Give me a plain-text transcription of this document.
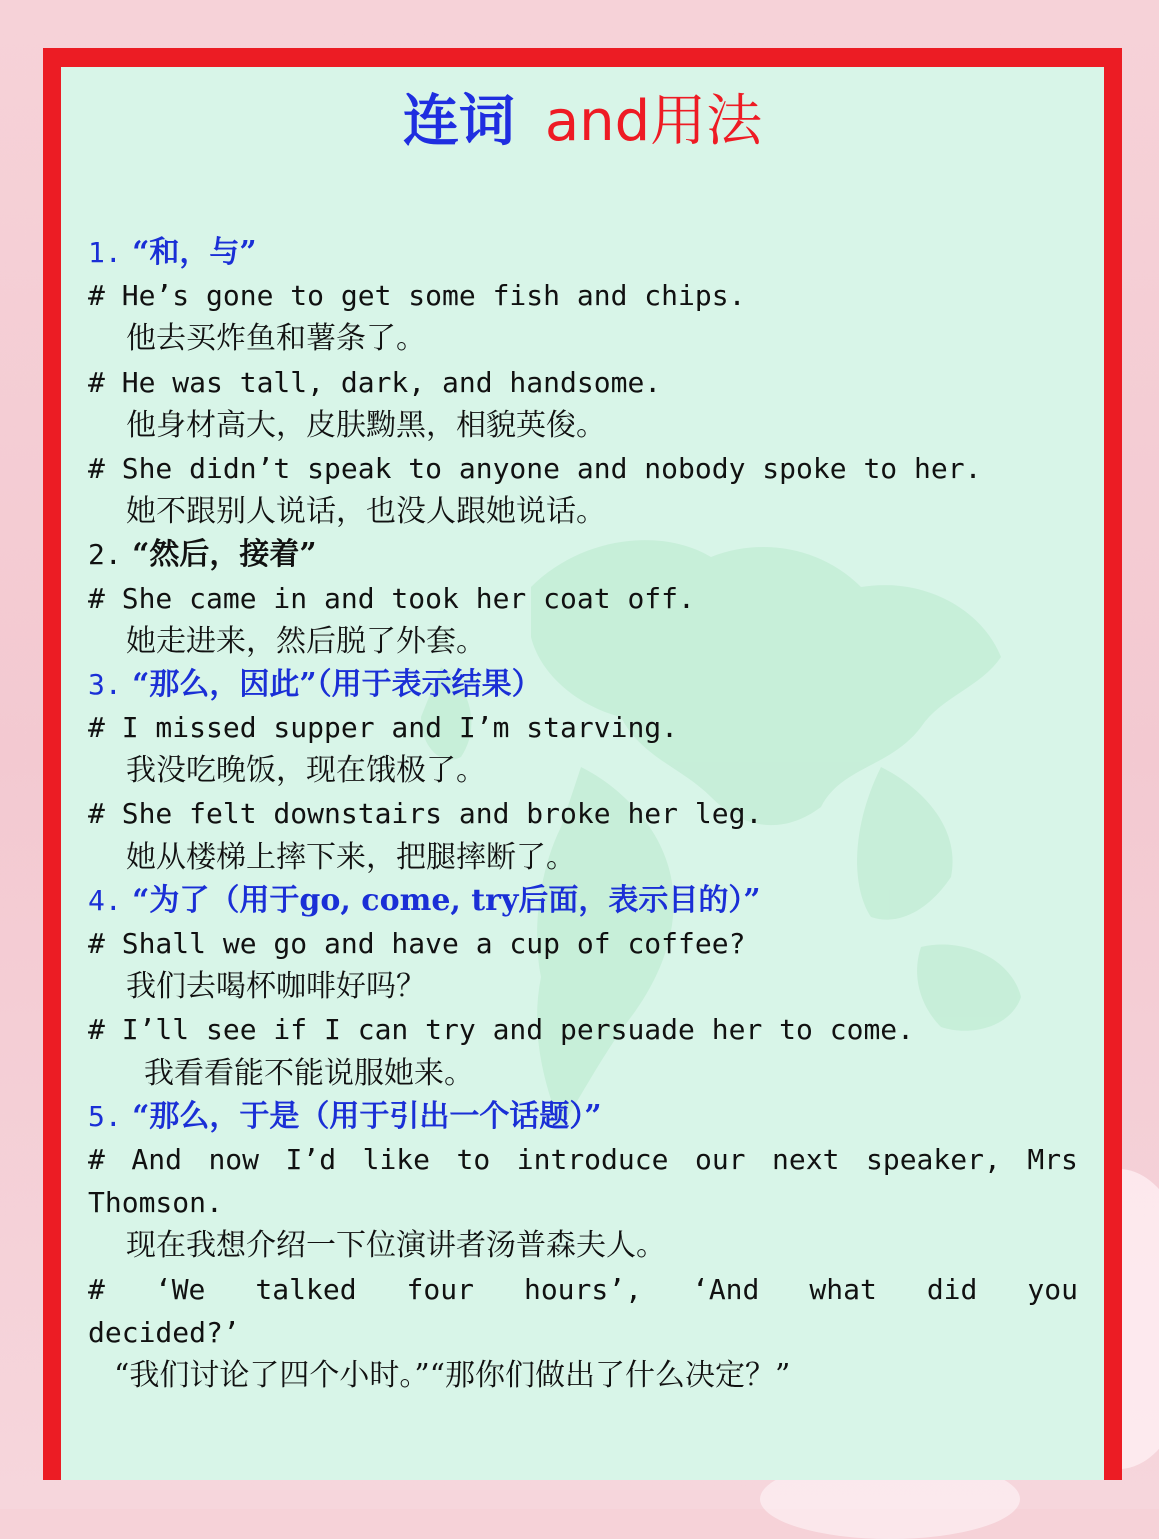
连词 and用法
1. “和，与”
# He’s gone to get some fish and chips.
他去买炸鱼和薯条了。
# He was tall, dark, and handsome.
他身材高大，皮肤黝黑，相貌英俊。
# She didn’t speak to anyone and nobody spoke to her.
她不跟别人说话，也没人跟她说话。
2. “然后，接着”
# She came in and took her coat off.
她走进来，然后脱了外套。
3. “那么，因此”（用于表示结果）
# I missed supper and I’m starving.
我没吃晚饭，现在饿极了。
# She felt downstairs and broke her leg.
她从楼梯上摔下来，把腿摔断了。
4. “为了（用于go, come, try后面，表示目的）”
# Shall we go and have a cup of coffee?
我们去喝杯咖啡好吗？
# I’ll see if I can try and persuade her to come.
我看看能不能说服她来。
5. “那么，于是（用于引出一个话题）”
# And now I’d like to introduce our next speaker, Mrs
Thomson.
现在我想介绍一下位演讲者汤普森夫人。
# ‘We talked four hours’, ‘And what did you
decided?’
“我们讨论了四个小时。”“那你们做出了什么决定？”
